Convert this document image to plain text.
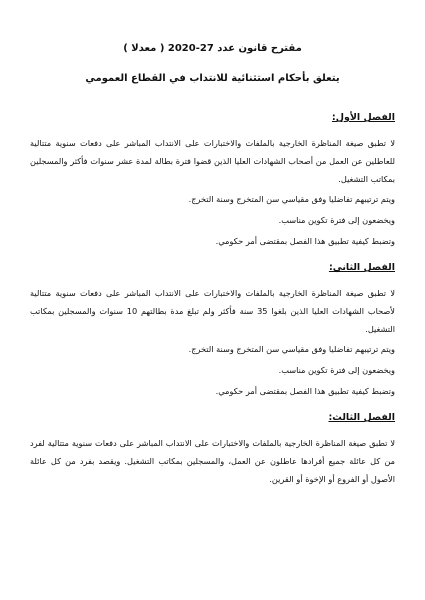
مقترح قانون عدد 27-2020 ( معدلا )
يتعلق بأحكام استثنائية للانتداب في القطاع العمومي
الفصل الأول:
لا تطبق صيغة المناظرة الخارجية بالملفات والاختبارات على الانتداب المباشر على دفعات سنوية متتالية للعاطلين عن العمل من أصحاب الشهادات العليا الذين قضوا فترة بطالة لمدة عشر سنوات فأكثر والمسجلين بمكاتب التشغيل.
ويتم ترتيبهم تفاضليا وفق مقياسي سن المتخرج وسنة التخرج.
ويخضعون إلى فترة تكوين مناسب.
وتضبط كيفية تطبيق هذا الفصل بمقتضى أمر حكومي.
الفصل الثاني:
لا تطبق صيغة المناظرة الخارجية بالملفات والاختبارات على الانتداب المباشر على دفعات سنوية متتالية لأصحاب الشهادات العليا الذين بلغوا 35 سنة فأكثر ولم تبلغ مدة بطالتهم 10 سنوات والمسجلين بمكاتب التشغيل.
ويتم ترتيبهم تفاضليا وفق مقياسي سن المتخرج وسنة التخرج.
ويخضعون إلى فترة تكوين مناسب.
وتضبط كيفية تطبيق هذا الفصل بمقتضى أمر حكومي.
الفصل الثالث:
لا تطبق صيغة المناظرة الخارجية بالملفات والاختبارات على الانتداب المباشر على دفعات سنوية متتالية لفرد من كل عائلة جميع أفرادها عاطلون عن العمل، والمسجلين بمكاتب التشغيل. ويقصد بفرد من كل عائلة الأصول أو الفروع أو الإخوة أو القرين.
